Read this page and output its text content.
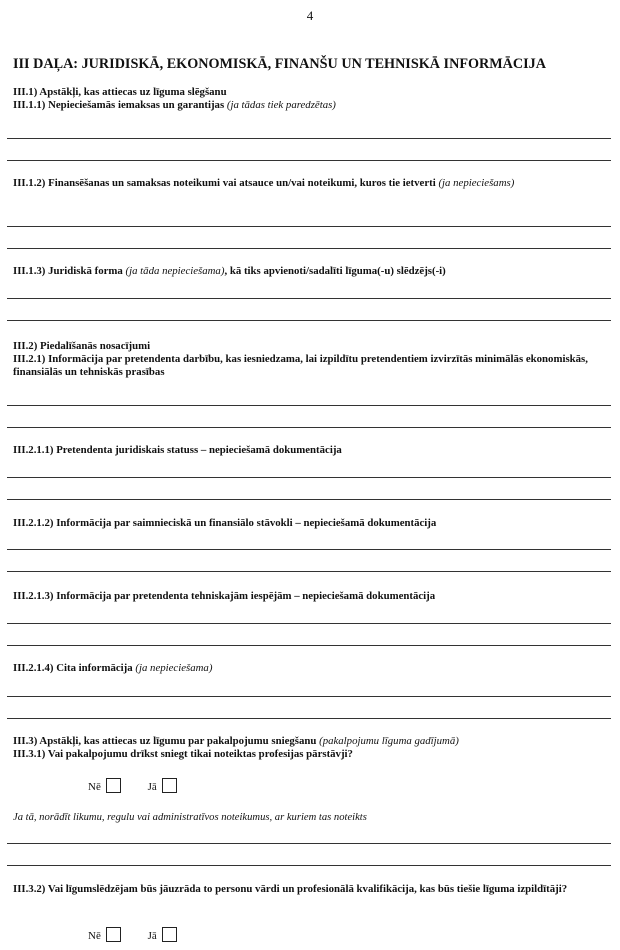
4
III DAĻA: JURIDISKĀ, EKONOMISKĀ, FINANŠU UN TEHNISKĀ INFORMĀCIJA
III.1) Apstākļi, kas attiecas uz līguma slēgšanu
III.1.1) Nepieciešamās iemaksas un garantijas (ja tādas tiek paredzētas)
III.1.2) Finansēšanas un samaksas noteikumi vai atsauce un/vai noteikumi, kuros tie ietverti (ja nepieciešams)
III.1.3) Juridiskā forma (ja tāda nepieciešama), kā tiks apvienoti/sadalīti līguma(-u) slēdzējs(-i)
III.2) Piedalīšanās nosacījumi
III.2.1) Informācija par pretendenta darbību, kas iesniedzama, lai izpildītu pretendentiem izvirzītās minimālās ekonomiskās, finansiālās un tehniskās prasības
III.2.1.1) Pretendenta juridiskais statuss – nepieciešamā dokumentācija
III.2.1.2) Informācija par saimnieciskā un finansiālo stāvokli – nepieciešamā dokumentācija
III.2.1.3) Informācija par pretendenta tehniskajām iespējām – nepieciešamā dokumentācija
III.2.1.4) Cita informācija (ja nepieciešama)
III.3) Apstākļi, kas attiecas uz līgumu par pakalpojumu sniegšanu (pakalpojumu līguma gadījumā)
III.3.1) Vai pakalpojumu drīkst sniegt tikai noteiktas profesijas pārstāvji?
Nē	Jā
Ja tā, norādīt likumu, regulu vai administratīvos noteikumus, ar kuriem tas noteikts
III.3.2) Vai līgumslēdzējam būs jāuzrāda to personu vārdi un profesionālā kvalifikācija, kas būs tiešie līguma izpildītāji?
Nē	Jā
